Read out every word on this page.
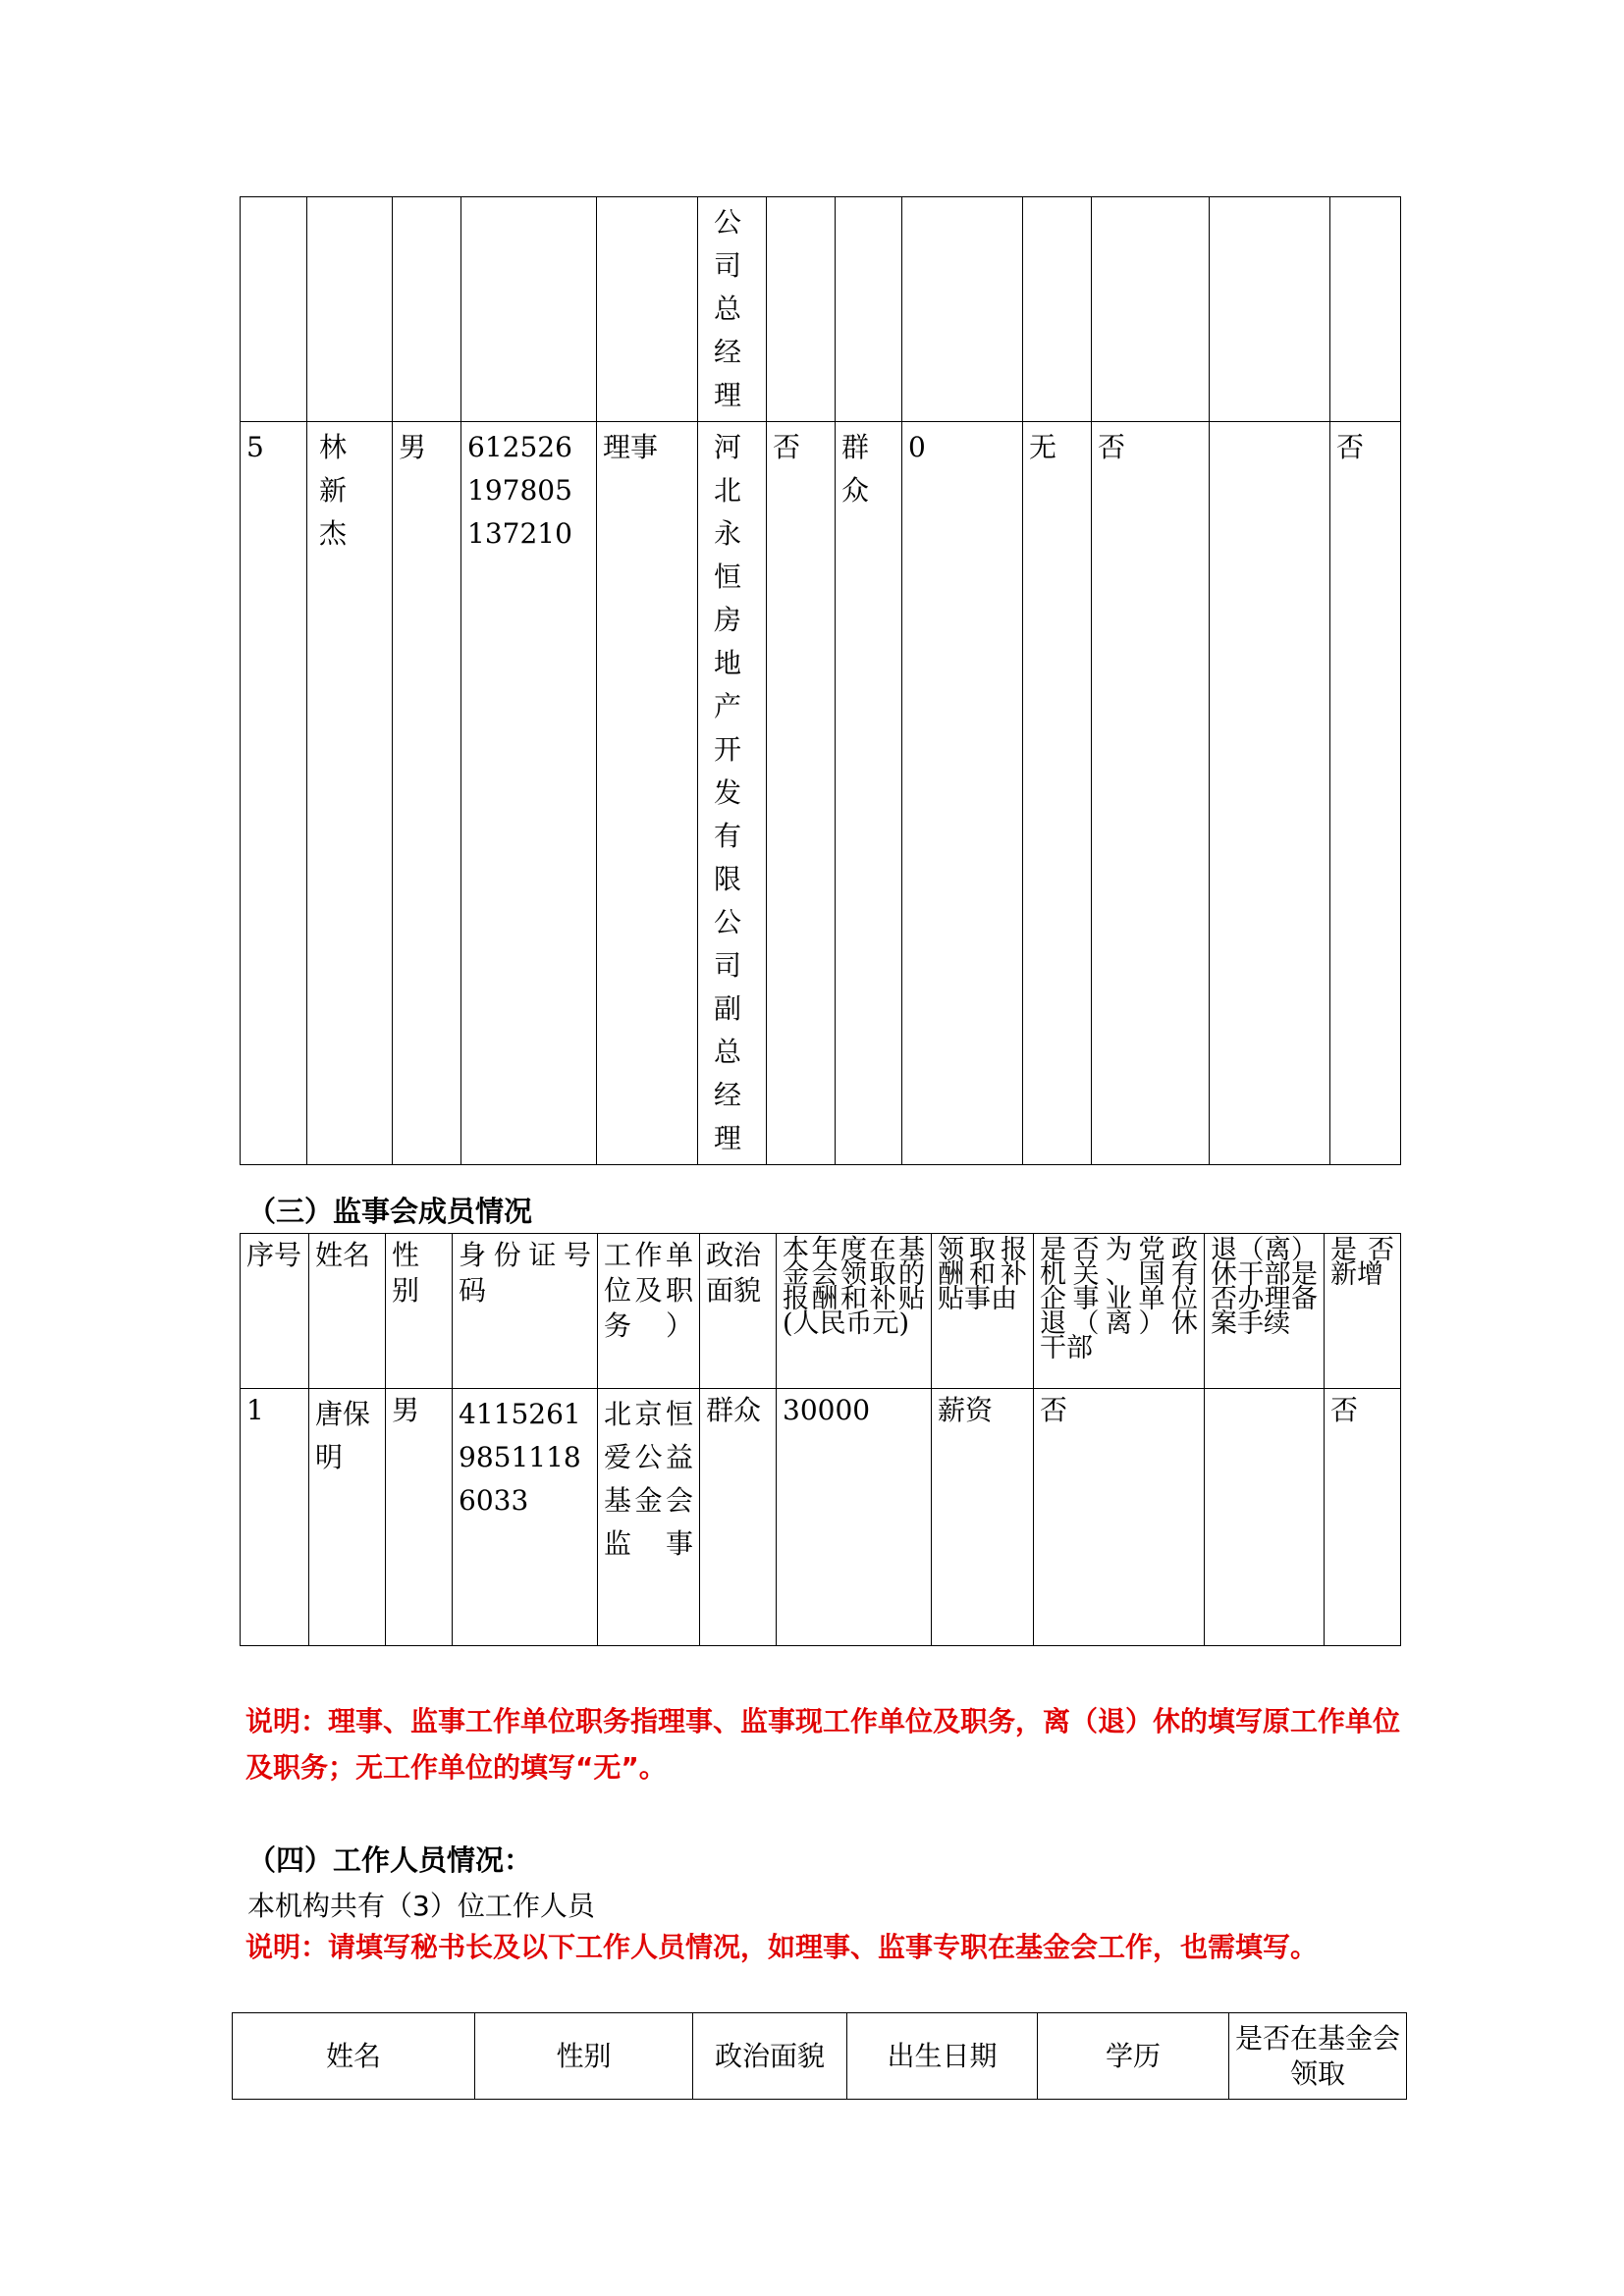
					公司总经理							

5	林新杰	男	612526197805137210	理事	河北永恒房地产开发有限公司副总经理	否	群众	0	无	否		否
（三）监事会成员情况
序号	姓名	性别	身份证号码	工作单位及职务）	政治面貌	本年度在基金会领取的报酬和补贴(人民币元)	领取报酬和补贴事由	是否为党政机关、国有企事业单位退（离）休干部	退（离）休干部是否办理备案手续	是否新增
1	唐保明	男	411526198511186033	北京恒爱公益基金会监事	群众	30000	薪资	否		否
说明：理事、监事工作单位职务指理事、监事现工作单位及职务，离（退）休的填写原工作单位及职务；无工作单位的填写“无”。
（四）工作人员情况：
本机构共有（3）位工作人员
说明：请填写秘书长及以下工作人员情况，如理事、监事专职在基金会工作，也需填写。
姓名	性别	政治面貌	出生日期	学历	是否在基金会领取
